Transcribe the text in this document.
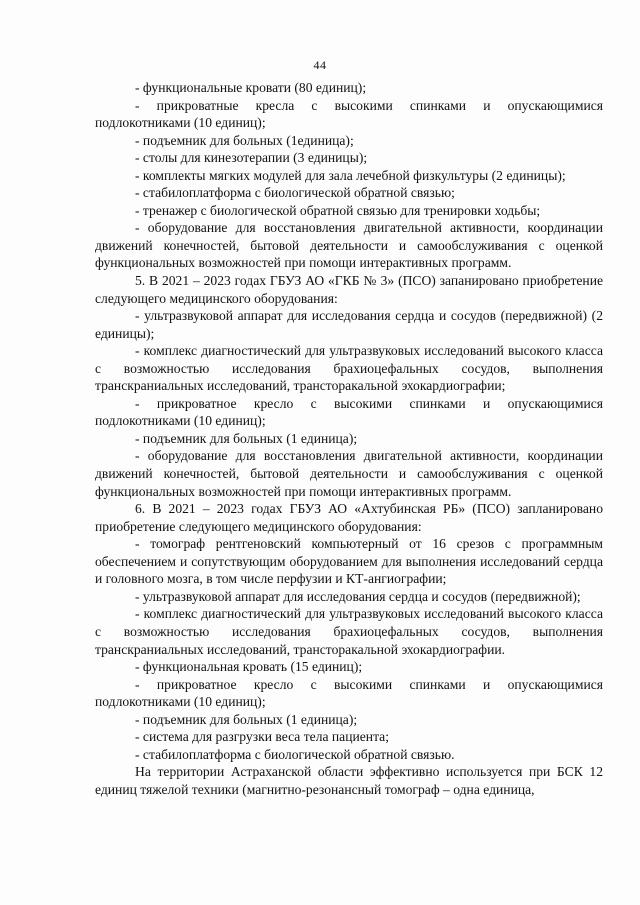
44

- функциональные кровати (80 единиц);

- прикроватные кресла с высокими спинками и опускающимися подлокотниками (10 единиц);

- подъемник для больных (1единица);

- столы для кинезотерапии (3 единицы);

- комплекты мягких модулей для зала лечебной физкультуры (2 единицы);

- стабилоплатформа с биологической обратной связью;

- тренажер с биологической обратной связью для тренировки ходьбы;

- оборудование для восстановления двигательной активности, координации движений конечностей, бытовой деятельности и самообслуживания с оценкой функциональных возможностей при помощи интерактивных программ.

5. В 2021 – 2023 годах ГБУЗ АО «ГКБ № 3» (ПСО) запанировано приобретение следующего медицинского оборудования:

- ультразвуковой аппарат для исследования сердца и сосудов (передвижной) (2 единицы);

- комплекс диагностический для ультразвуковых исследований высокого класса с возможностью исследования брахиоцефальных сосудов, выполнения транскраниальных исследований, трансторакальной эхокардиографии;

- прикроватное кресло с высокими спинками и опускающимися подлокотниками (10 единиц);

- подъемник для больных (1 единица);

- оборудование для восстановления двигательной активности, координации движений конечностей, бытовой деятельности и самообслуживания с оценкой функциональных возможностей при помощи интерактивных программ.

6. В 2021 – 2023 годах ГБУЗ АО «Ахтубинская РБ» (ПСО) запланировано приобретение следующего медицинского оборудования:

- томограф рентгеновский компьютерный от 16 срезов с программным обеспечением и сопутствующим оборудованием для выполнения исследований сердца и головного мозга, в том числе перфузии и КТ-ангиографии;

- ультразвуковой аппарат для исследования сердца и сосудов (передвижной);

- комплекс диагностический для ультразвуковых исследований высокого класса с возможностью исследования брахиоцефальных сосудов, выполнения транскраниальных исследований, трансторакальной эхокардиографии.

- функциональная кровать (15 единиц);

- прикроватное кресло с высокими спинками и опускающимися подлокотниками (10 единиц);

- подъемник для больных (1 единица);

- система для разгрузки веса тела пациента;

- стабилоплатформа с биологической обратной связью.

На территории Астраханской области эффективно используется при БСК 12 единиц тяжелой техники (магнитно-резонансный томограф – одна единица,
